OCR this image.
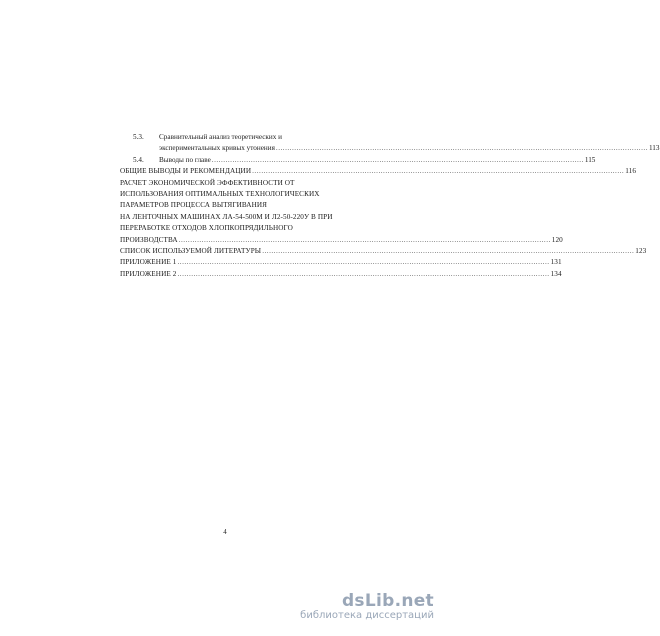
5.3.	Сравнительный анализ теоретических и
экспериментальных кривых утонения .....	113
5.4.	Выводы по главе .....	115
ОБЩИЕ ВЫВОДЫ И РЕКОМЕНДАЦИИ .....	116
РАСЧЕТ ЭКОНОМИЧЕСКОЙ ЭФФЕКТИВНОСТИ ОТ
ИСПОЛЬЗОВАНИЯ ОПТИМАЛЬНЫХ ТЕХНОЛОГИЧЕСКИХ
ПАРАМЕТРОВ ПРОЦЕССА ВЫТЯГИВАНИЯ
НА ЛЕНТОЧНЫХ МАШИНАХ ЛА-54-500М И Л2-50-220У В ПРИ
ПЕРЕРАБОТКЕ ОТХОДОВ ХЛОПКОПРЯДИЛЬНОГО
ПРОИЗВОДСТВА .....	120
СПИСОК ИСПОЛЬЗУЕМОЙ ЛИТЕРАТУРЫ .....	123
ПРИЛОЖЕНИЕ 1 .....	131
ПРИЛОЖЕНИЕ 2 .....	134
4
dsLib.net
библиотека диссертаций
